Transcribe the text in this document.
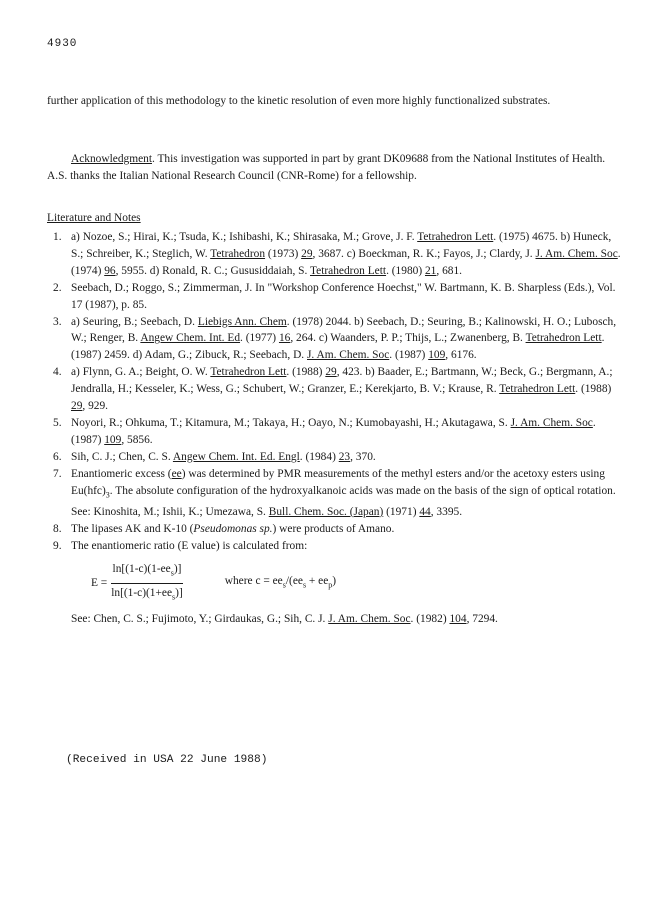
4930

further application of this methodology to the kinetic resolution of even more highly functionalized substrates.

Acknowledgment. This investigation was supported in part by grant DK09688 from the National Institutes of Health. A.S. thanks the Italian National Research Council (CNR-Rome) for a fellowship.

Literature and Notes
1. a) Nozoe, S.; Hirai, K.; Tsuda, K.; Ishibashi, K.; Shirasaka, M.; Grove, J. F. Tetrahedron Lett. (1975) 4675. b) Huneck, S.; Schreiber, K.; Steglich, W. Tetrahedron (1973) 29, 3687. c) Boeckman, R. K.; Fayos, J.; Clardy, J. J. Am. Chem. Soc. (1974) 96, 5955. d) Ronald, R. C.; Gususiddaiah, S. Tetrahedron Lett. (1980) 21, 681.
2. Seebach, D.; Roggo, S.; Zimmerman, J. In "Workshop Conference Hoechst," W. Bartmann, K. B. Sharpless (Eds.), Vol. 17 (1987), p. 85.
3. a) Seuring, B.; Seebach, D. Liebigs Ann. Chem. (1978) 2044. b) Seebach, D.; Seuring, B.; Kalinowski, H. O.; Lubosch, W.; Renger, B. Angew Chem. Int. Ed. (1977) 16, 264. c) Waanders, P. P.; Thijs, L.; Zwanenberg, B. Tetrahedron Lett. (1987) 2459. d) Adam, G.; Zibuck, R.; Seebach, D. J. Am. Chem. Soc. (1987) 109, 6176.
4. a) Flynn, G. A.; Beight, O. W. Tetrahedron Lett. (1988) 29, 423. b) Baader, E.; Bartmann, W.; Beck, G.; Bergmann, A.; Jendralla, H.; Kesseler, K.; Wess, G.; Schubert, W.; Granzer, E.; Kerekjarto, B. V.; Krause, R. Tetrahedron Lett. (1988) 29, 929.
5. Noyori, R.; Ohkuma, T.; Kitamura, M.; Takaya, H.; Oayo, N.; Kumobayashi, H.; Akutagawa, S. J. Am. Chem. Soc. (1987) 109, 5856.
6. Sih, C. J.; Chen, C. S. Angew Chem. Int. Ed. Engl. (1984) 23, 370.
7. Enantiomeric excess (ee) was determined by PMR measurements of the methyl esters and/or the acetoxy esters using $Eu(hfc)_3$. The absolute configuration of the hydroxyalkanoic acids was made on the basis of the sign of optical rotation. See: Kinoshita, M.; Ishii, K.; Umezawa, S. Bull. Chem. Soc. (Japan) (1971) 44, 3395.
8. The lipases AK and K-10 (Pseudomonas sp.) were products of Amano.
9. The enantiomeric ratio (E value) is calculated from:
$E = \frac{\ln[(1-c)(1-ee_s)]}{\ln[(1-c)(1+ee_s)]}$	where $c = ee_s/(ee_s + ee_p)$
See: Chen, C. S.; Fujimoto, Y.; Girdaukas, G.; Sih, C. J. J. Am. Chem. Soc. (1982) 104, 7294.
(Received in USA 22 June 1988)
